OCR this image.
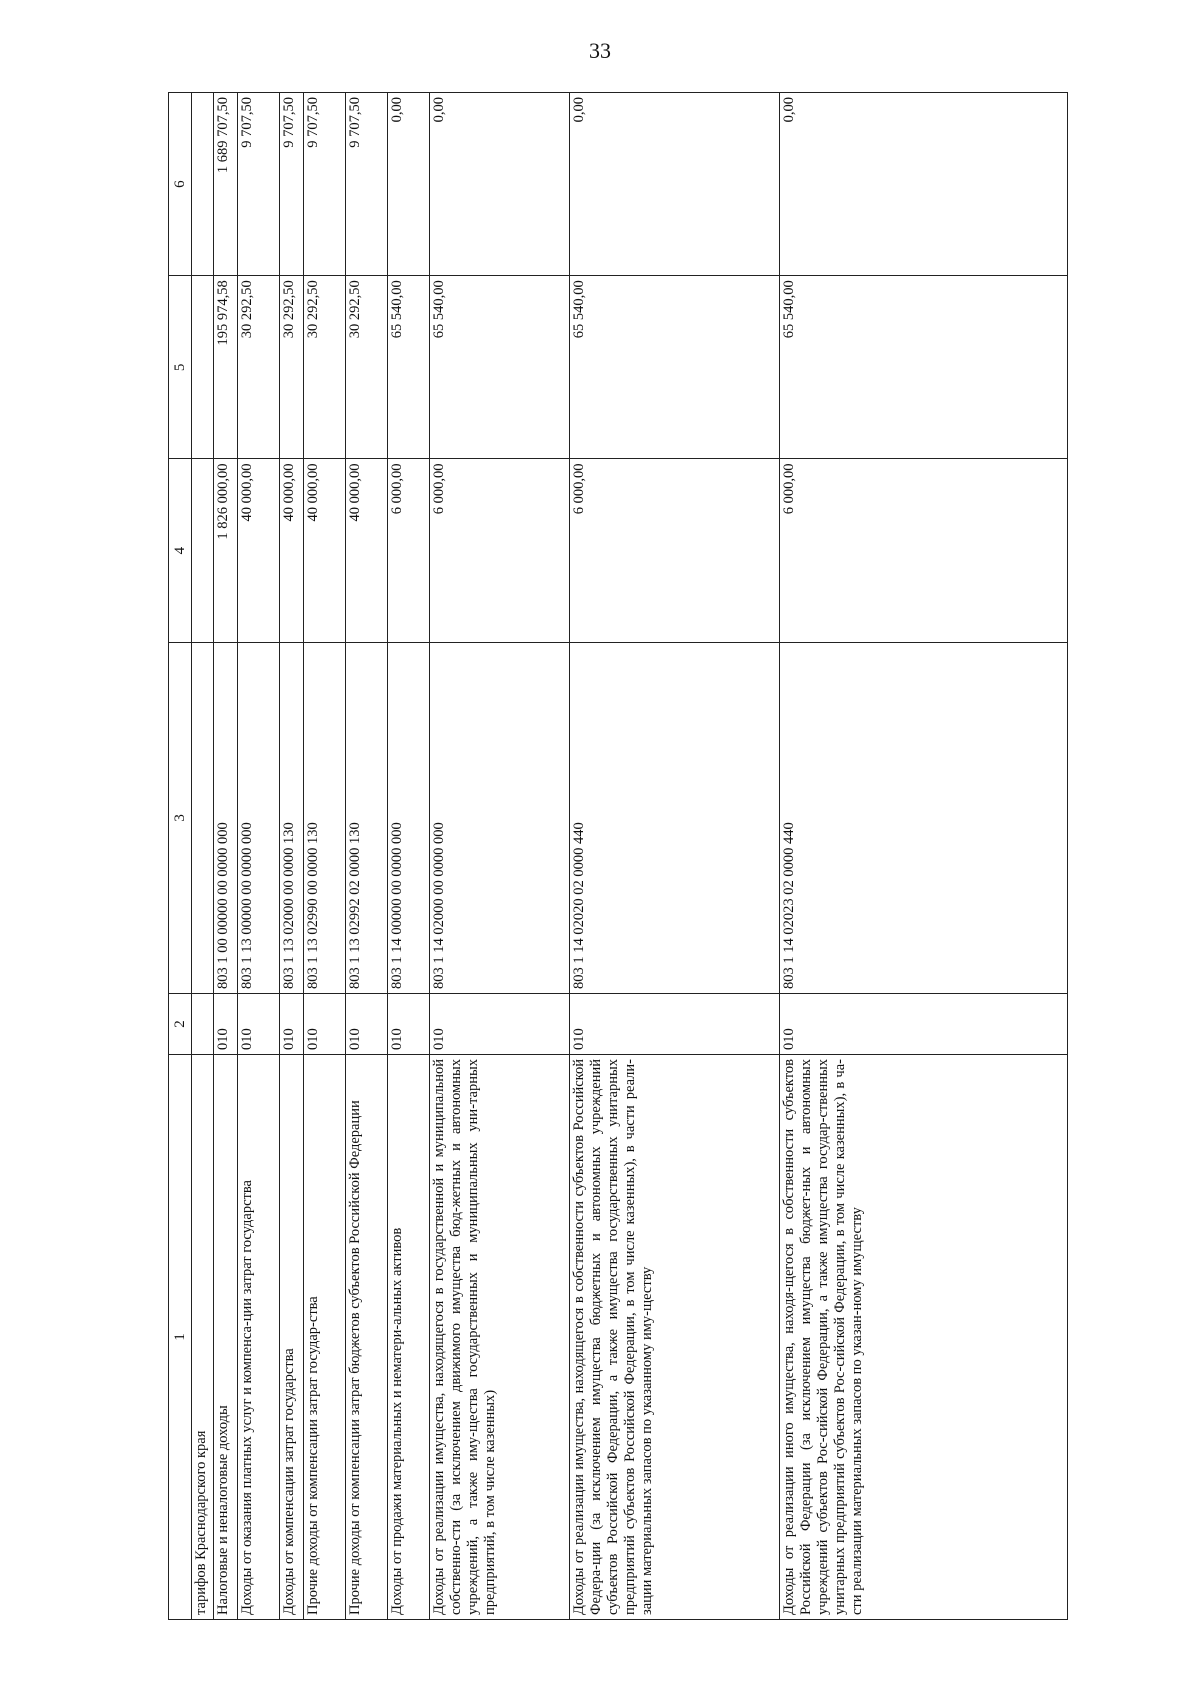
33
1	2	3	4	5	6
тарифов Краснодарского края					
Налоговые и неналоговые доходы	010	803 1 00 00000 00 0000 000	1 826 000,00	195 974,58	1 689 707,50
Доходы от оказания платных услуг и компенса-ции затрат государства	010	803 1 13 00000 00 0000 000	40 000,00	30 292,50	9 707,50
Доходы от компенсации затрат государства	010	803 1 13 02000 00 0000 130	40 000,00	30 292,50	9 707,50
Прочие доходы от компенсации затрат государ-ства	010	803 1 13 02990 00 0000 130	40 000,00	30 292,50	9 707,50
Прочие доходы от компенсации затрат бюджетов субъектов Российской Федерации	010	803 1 13 02992 02 0000 130	40 000,00	30 292,50	9 707,50
Доходы от продажи материальных и нематери-альных активов	010	803 1 14 00000 00 0000 000	6 000,00	65 540,00	0,00
Доходы от реализации имущества, находящегося в государственной и муниципальной собственно-сти (за исключением движимого имущества бюд-жетных и автономных учреждений, а также иму-щества государственных и муниципальных уни-тарных предприятий, в том числе казенных)	010	803 1 14 02000 00 0000 000	6 000,00	65 540,00	0,00
Доходы от реализации имущества, находящегося в собственности субъектов Российской Федера-ции (за исключением имущества бюджетных и автономных учреждений субъектов Российской Федерации, а также имущества государственных унитарных предприятий субъектов Российской Федерации, в том числе казенных), в части реали-зации материальных запасов по указанному иму-ществу	010	803 1 14 02020 02 0000 440	6 000,00	65 540,00	0,00
Доходы от реализации иного имущества, находя-щегося в собственности субъектов Российской Федерации (за исключением имущества бюджет-ных и автономных учреждений субъектов Рос-сийской Федерации, а также имущества государ-ственных унитарных предприятий субъектов Рос-сийской Федерации, в том числе казенных), в ча-сти реализации материальных запасов по указан-ному имуществу	010	803 1 14 02023 02 0000 440	6 000,00	65 540,00	0,00
